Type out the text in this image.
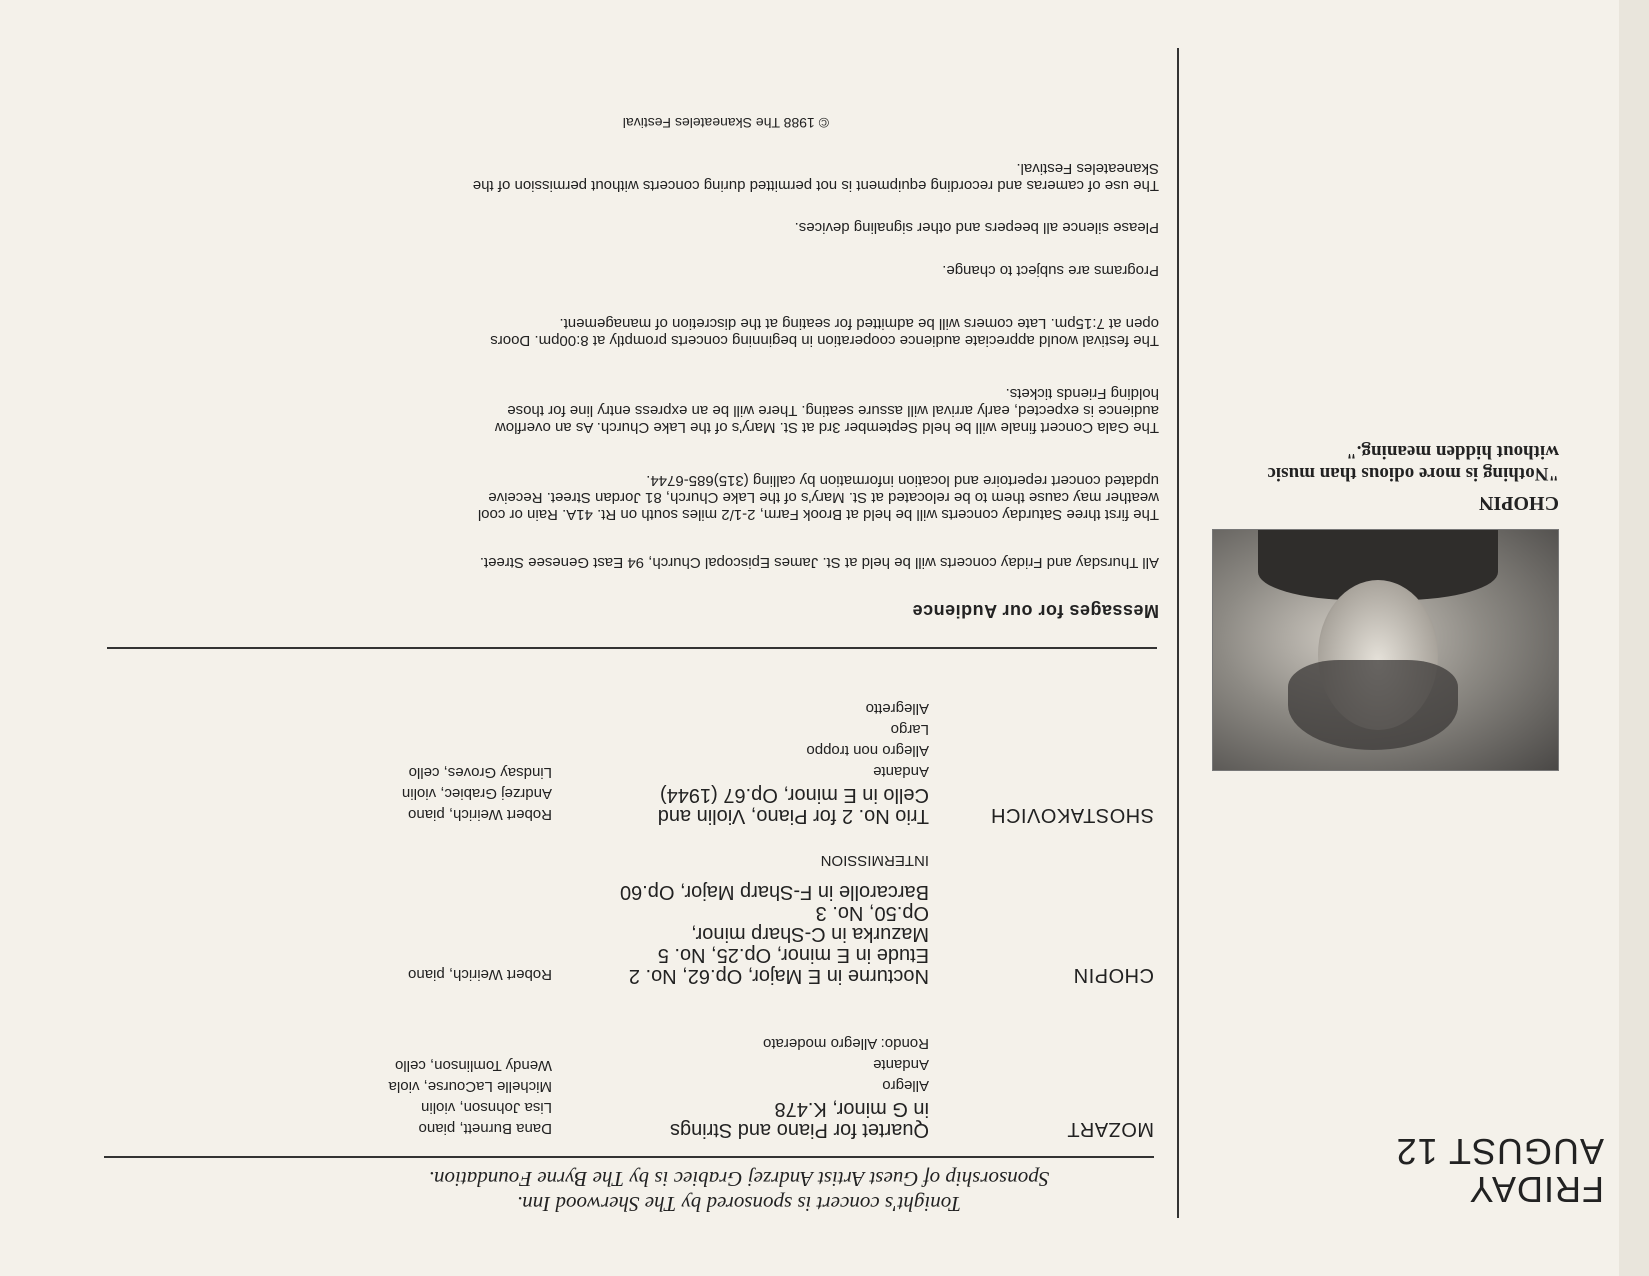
FRIDAY
AUGUST 12
CHOPIN
"Nothing is more odious than music without hidden meaning."
Tonight's concert is sponsored by The Sherwood Inn.
Sponsorship of Guest Artist Andrzej Grabiec is by The Byrne Foundation.
MOZART
Quartet for Piano and Strings
in G minor, K.478
Allegro
Andante
Rondo: Allegro moderato
Dana Burnett, piano
Lisa Johnson, violin
Michelle LaCourse, viola
Wendy Tomlinson, cello
CHOPIN
Nocturne in E Major, Op.62, No. 2
Etude in E minor, Op.25, No. 5
Mazurka in C-Sharp minor,
Op.50, No. 3
Barcarolle in F-Sharp Major, Op.60
Robert Weirich, piano
INTERMISSION
SHOSTAKOVICH
Trio No. 2 for Piano, Violin and
Cello in E minor, Op.67 (1944)
Andante
Allegro non troppo
Largo
Allegretto
Robert Weirich, piano
Andrzej Grabiec, violin
Lindsay Groves, cello
Messages for our Audience
All Thursday and Friday concerts will be held at St. James Episcopal Church, 94 East Genesee Street.
The first three Saturday concerts will be held at Brook Farm, 2-1/2 miles south on Rt. 41A. Rain or cool
weather may cause them to be relocated at St. Mary's of the Lake Church, 81 Jordan Street. Receive
updated concert repertoire and location information by calling (315)685-6744.
The Gala Concert finale will be held September 3rd at St. Mary's of the Lake Church. As an overflow
audience is expected, early arrival will assure seating. There will be an express entry line for those
holding Friends tickets.
The festival would appreciate audience cooperation in beginning concerts promptly at 8:00pm. Doors
open at 7:15pm. Late comers will be admitted for seating at the discretion of management.
Programs are subject to change.
Please silence all beepers and other signaling devices.
The use of cameras and recording equipment is not permitted during concerts without permission of the
Skaneateles Festival.
© 1988 The Skaneateles Festival
